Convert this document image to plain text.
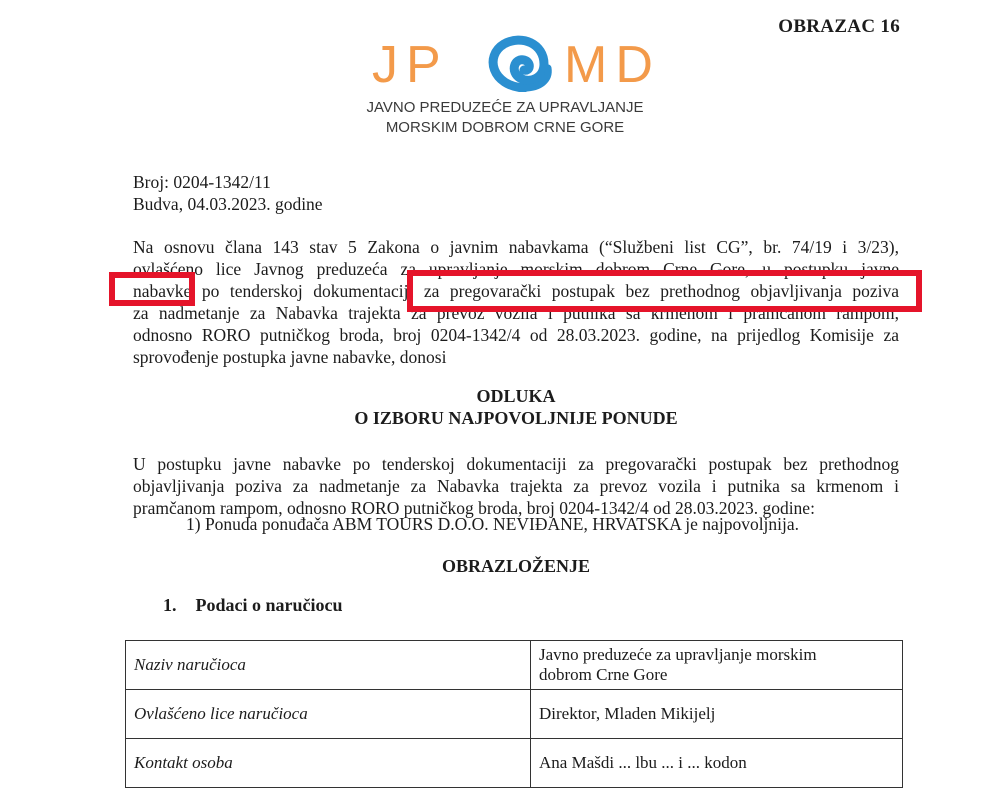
OBRAZAC 16
JP MD
JAVNO PREDUZEĆE ZA UPRAVLJANJE
MORSKIM DOBROM CRNE GORE
Broj: 0204-1342/11
Budva, 04.03.2023. godine
Na osnovu člana 143 stav 5 Zakona o javnim nabavkama (“Službeni list CG”, br. 74/19 i 3/23),
ovlašćeno lice Javnog preduzeća za upravljanje morskim dobrom Crne Gore, u postupku javne
nabavke po tenderskoj dokumentaciji za pregovarački postupak bez prethodnog objavljivanja poziva
za nadmetanje za Nabavka trajekta za prevoz vozila i putnika sa krmenom i pramčanom rampom,
odnosno RORO putničkog broda, broj 0204-1342/4 od 28.03.2023. godine, na prijedlog Komisije za
sprovođenje postupka javne nabavke, donosi
ODLUKA
O IZBORU NAJPOVOLJNIJE PONUDE
U postupku javne nabavke po tenderskoj dokumentaciji za pregovarački postupak bez prethodnog
objavljivanja poziva za nadmetanje za Nabavka trajekta za prevoz vozila i putnika sa krmenom i
pramčanom rampom, odnosno RORO putničkog broda, broj 0204-1342/4 od 28.03.2023. godine:
1) Ponuda ponuđača ABM TOURS D.O.O. NEVIĐANE, HRVATSKA je najpovoljnija.
OBRAZLOŽENJE
1. Podaci o naručiocu
Naziv naručioca	Javno preduzeće za upravljanje morskim
dobrom Crne Gore

Ovlašćeno lice naručioca	Direktor, Mladen Mikijelj
Kontakt osoba	Ana Mašdi ... lbu ... i ... kodon
